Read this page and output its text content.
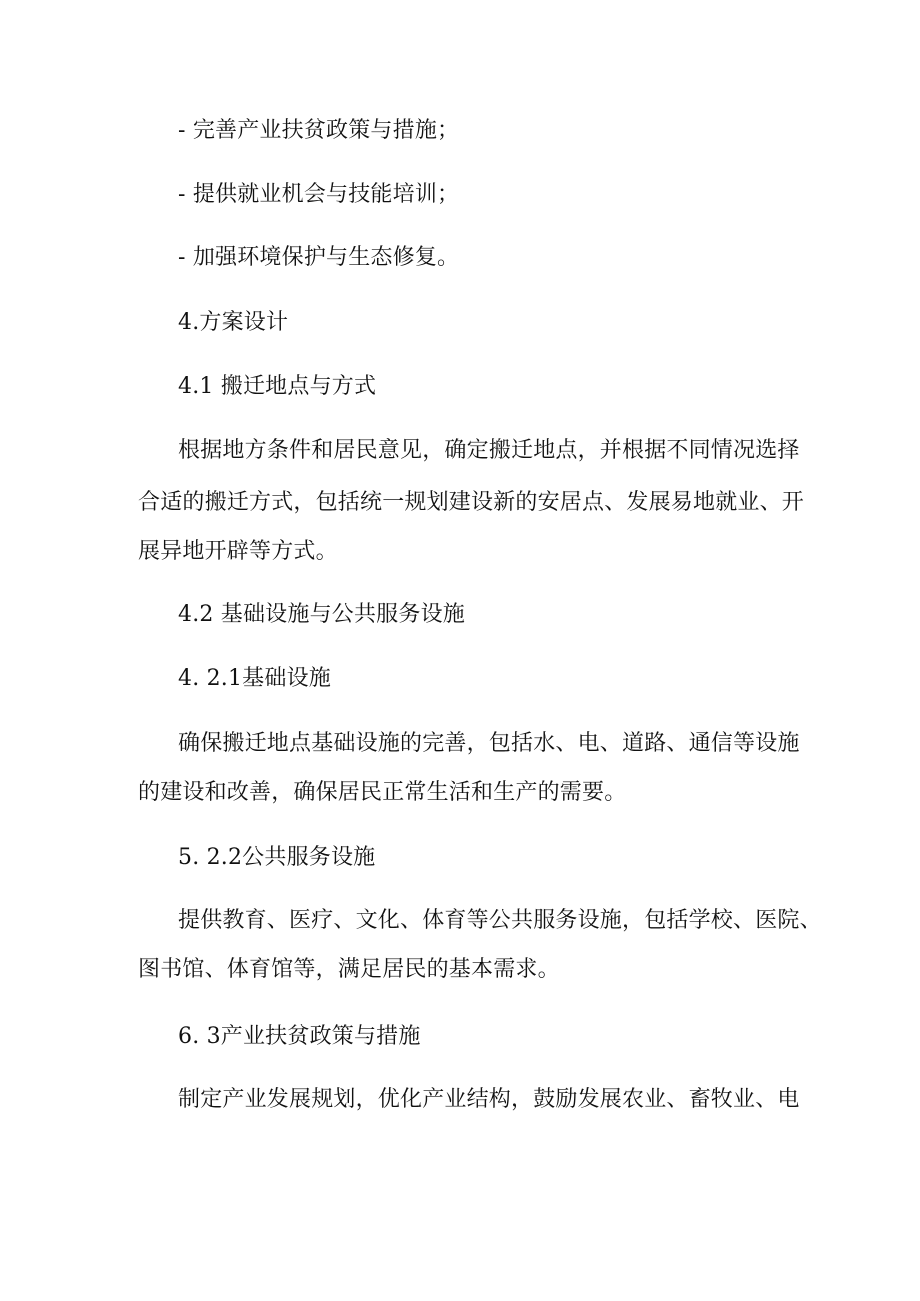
- 完善产业扶贫政策与措施；

- 提供就业机会与技能培训；

- 加强环境保护与生态修复。

4.方案设计

4.1 搬迁地点与方式

根据地方条件和居民意见，确定搬迁地点，并根据不同情况选择

合适的搬迁方式，包括统一规划建设新的安居点、发展易地就业、开

展异地开辟等方式。

4.2 基础设施与公共服务设施

4. 2.1基础设施

确保搬迁地点基础设施的完善，包括水、电、道路、通信等设施

的建设和改善，确保居民正常生活和生产的需要。

5. 2.2公共服务设施

提供教育、医疗、文化、体育等公共服务设施，包括学校、医院、

图书馆、体育馆等，满足居民的基本需求。

6. 3产业扶贫政策与措施

制定产业发展规划，优化产业结构，鼓励发展农业、畜牧业、电
